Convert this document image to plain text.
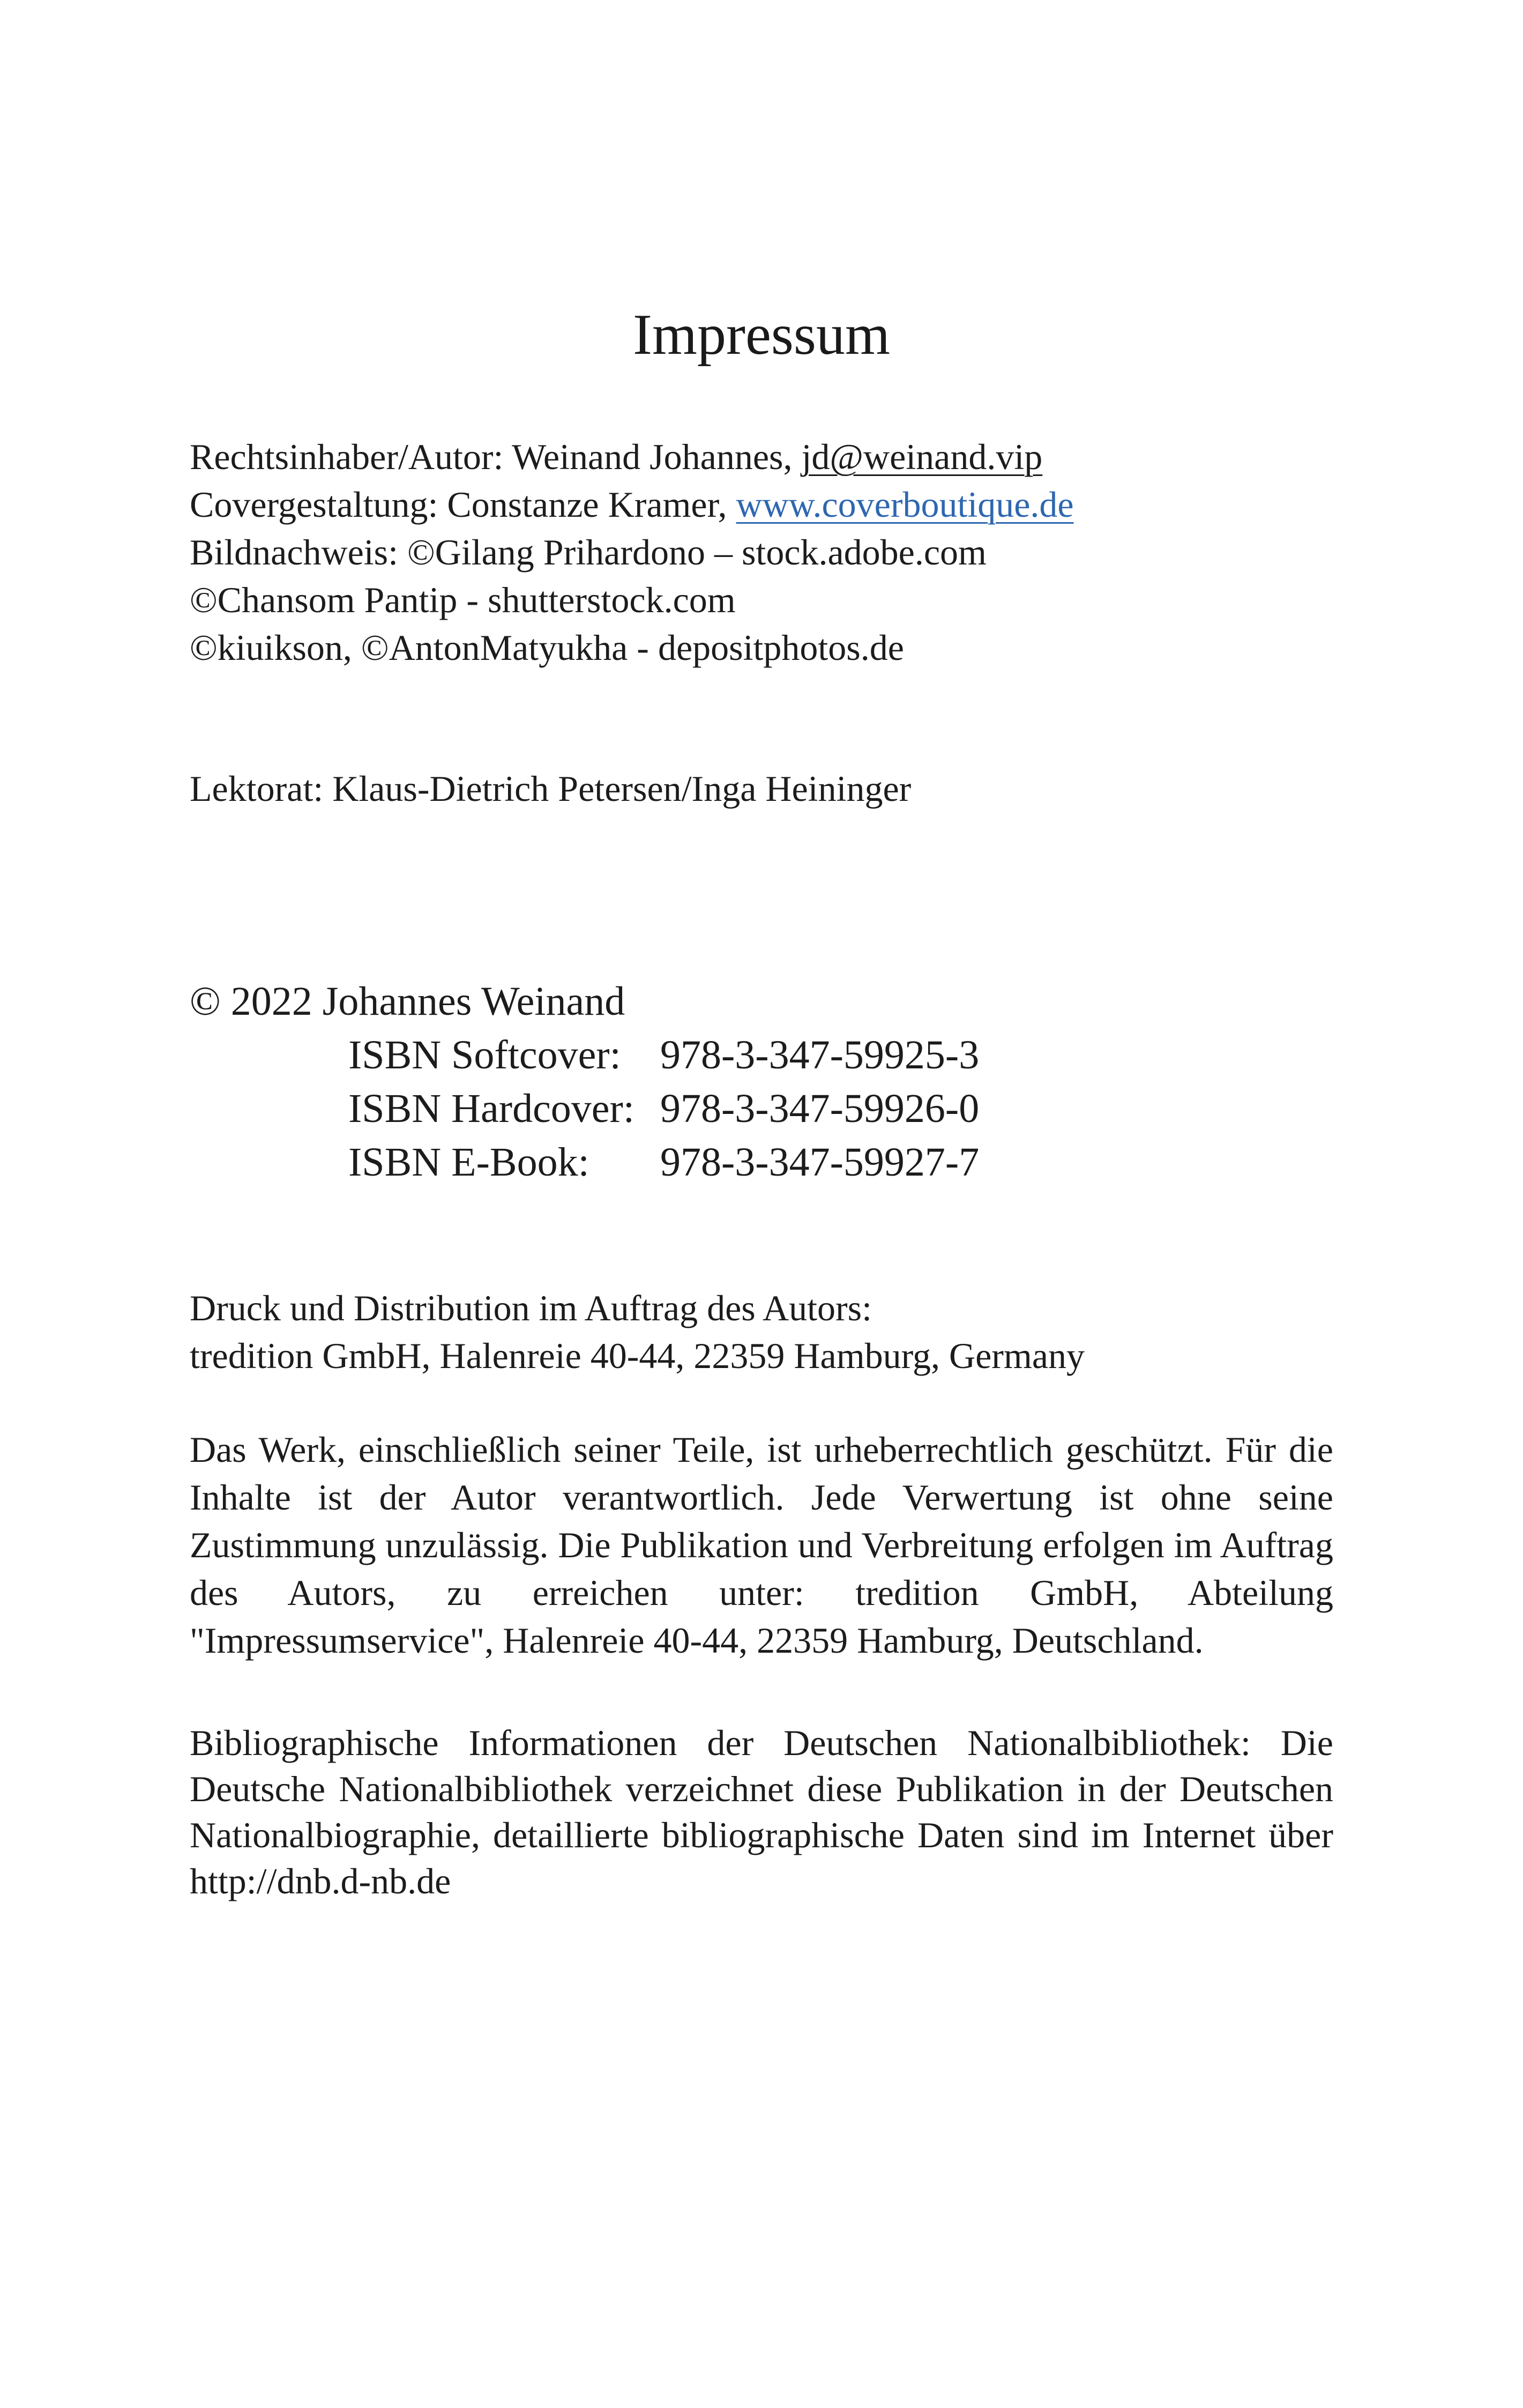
Impressum
Rechtsinhaber/Autor: Weinand Johannes, jd@weinand.vip
Covergestaltung: Constanze Kramer, www.coverboutique.de
Bildnachweis: ©Gilang Prihardono – stock.adobe.com
©Chansom Pantip - shutterstock.com
©kiuikson, ©AntonMatyukha - depositphotos.de
Lektorat: Klaus-Dietrich Petersen/Inga Heininger
© 2022 Johannes Weinand
ISBN Softcover:	978-3-347-59925-3
ISBN Hardcover:	978-3-347-59926-0
ISBN E-Book:	978-3-347-59927-7
Druck und Distribution im Auftrag des Autors:
tredition GmbH, Halenreie 40-44, 22359 Hamburg, Germany

Das Werk, einschließlich seiner Teile, ist urheberrechtlich geschützt. Für die Inhalte ist der Autor verantwortlich. Jede Verwertung ist ohne seine Zustimmung unzulässig. Die Publikation und Verbreitung erfolgen im Auftrag des Autors, zu erreichen unter: tredition GmbH, Abteilung "Impressumservice", Halenreie 40-44, 22359 Hamburg, Deutschland.

Bibliographische Informationen der Deutschen Nationalbibliothek: Die Deutsche Nationalbibliothek verzeichnet diese Publikation in der Deutschen Nationalbiographie, detaillierte bibliographische Daten sind im Internet über http://dnb.d-nb.de
